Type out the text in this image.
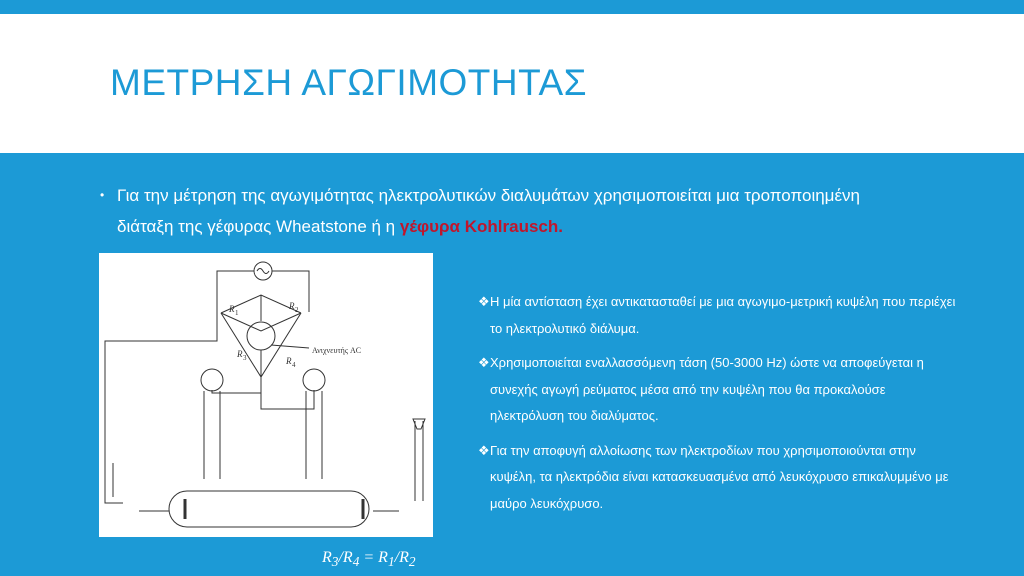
ΜΕΤΡΗΣΗ ΑΓΩΓΙΜΟΤΗΤΑΣ
• Για την μέτρηση της αγωγιμότητας ηλεκτρολυτικών διαλυμάτων χρησιμοποιείται μια τροποποιημένη διάταξη της γέφυρας Wheatstone ή η γέφυρα Kohlrausch.
R 1
R 2
R 3	R 4
Ανιχνευτής AC
$R_3/R_4 = R_1/R_2$
❖ Η μία αντίσταση έχει αντικατασταθεί με μια αγωγιμο-μετρική κυψέλη που περιέχει το ηλεκτρολυτικό διάλυμα.
❖ Χρησιμοποιείται εναλλασσόμενη τάση (50-3000 Hz) ώστε να αποφεύγεται η συνεχής αγωγή ρεύματος μέσα από την κυψέλη που θα προκαλούσε ηλεκτρόλυση του διαλύματος.
❖ Για την αποφυγή αλλοίωσης των ηλεκτροδίων που χρησιμοποιούνται στην κυψέλη, τα ηλεκτρόδια είναι κατασκευασμένα από λευκόχρυσο επικαλυμμένο με μαύρο λευκόχρυσο.
